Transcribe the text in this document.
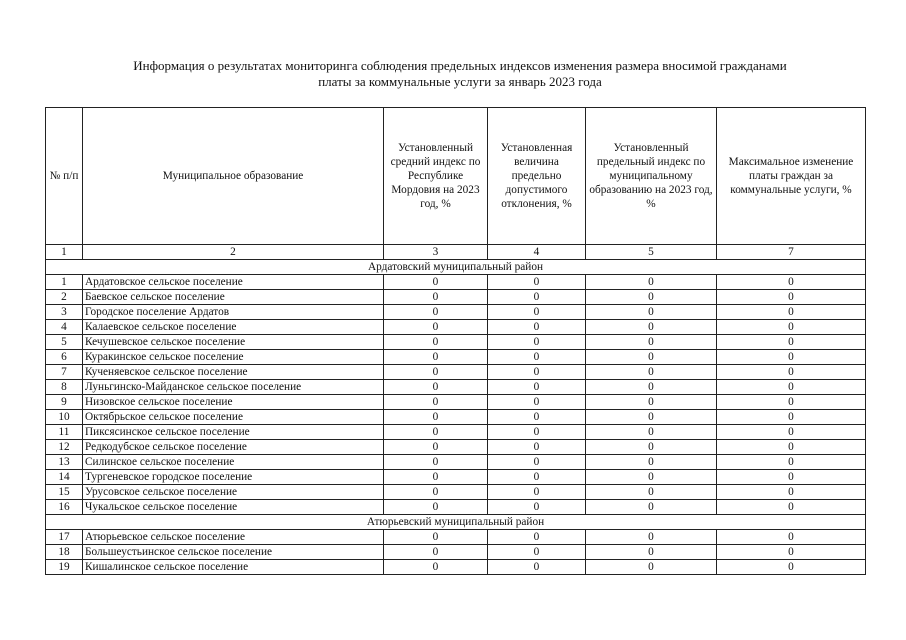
Информация о результатах мониторинга соблюдения предельных индексов изменения размера вносимой гражданами
платы за коммунальные услуги за январь 2023 года
№ п/п	Муниципальное образование	Установленный средний индекс по Республике Мордовия на 2023 год, %	Установленная величина предельно допустимого отклонения, %	Установленный предельный индекс по муниципальному образованию на 2023 год, %	Максимальное изменение платы граждан за коммунальные услуги, %
1	2	3	4	5	7
Ардатовский муниципальный район					
1	Ардатовское сельское поселение	0	0	0	0
2	Баевское сельское поселение	0	0	0	0
3	Городское поселение Ардатов	0	0	0	0
4	Калаевское сельское поселение	0	0	0	0
5	Кечушевское сельское поселение	0	0	0	0
6	Куракинское сельское поселение	0	0	0	0
7	Кученяевское сельское поселение	0	0	0	0
8	Луньгинско-Майданское сельское поселение	0	0	0	0
9	Низовское сельское поселение	0	0	0	0
10	Октябрьское сельское поселение	0	0	0	0
11	Пиксясинское сельское поселение	0	0	0	0
12	Редкодубское сельское поселение	0	0	0	0
13	Силинское сельское поселение	0	0	0	0
14	Тургеневское городское поселение	0	0	0	0
15	Урусовское сельское поселение	0	0	0	0
16	Чукальское сельское поселение	0	0	0	0
Атюрьевский муниципальный район					
17	Атюрьевское сельское поселение	0	0	0	0
18	Большеустьинское сельское поселение	0	0	0	0
19	Кишалинское сельское поселение	0	0	0	0
